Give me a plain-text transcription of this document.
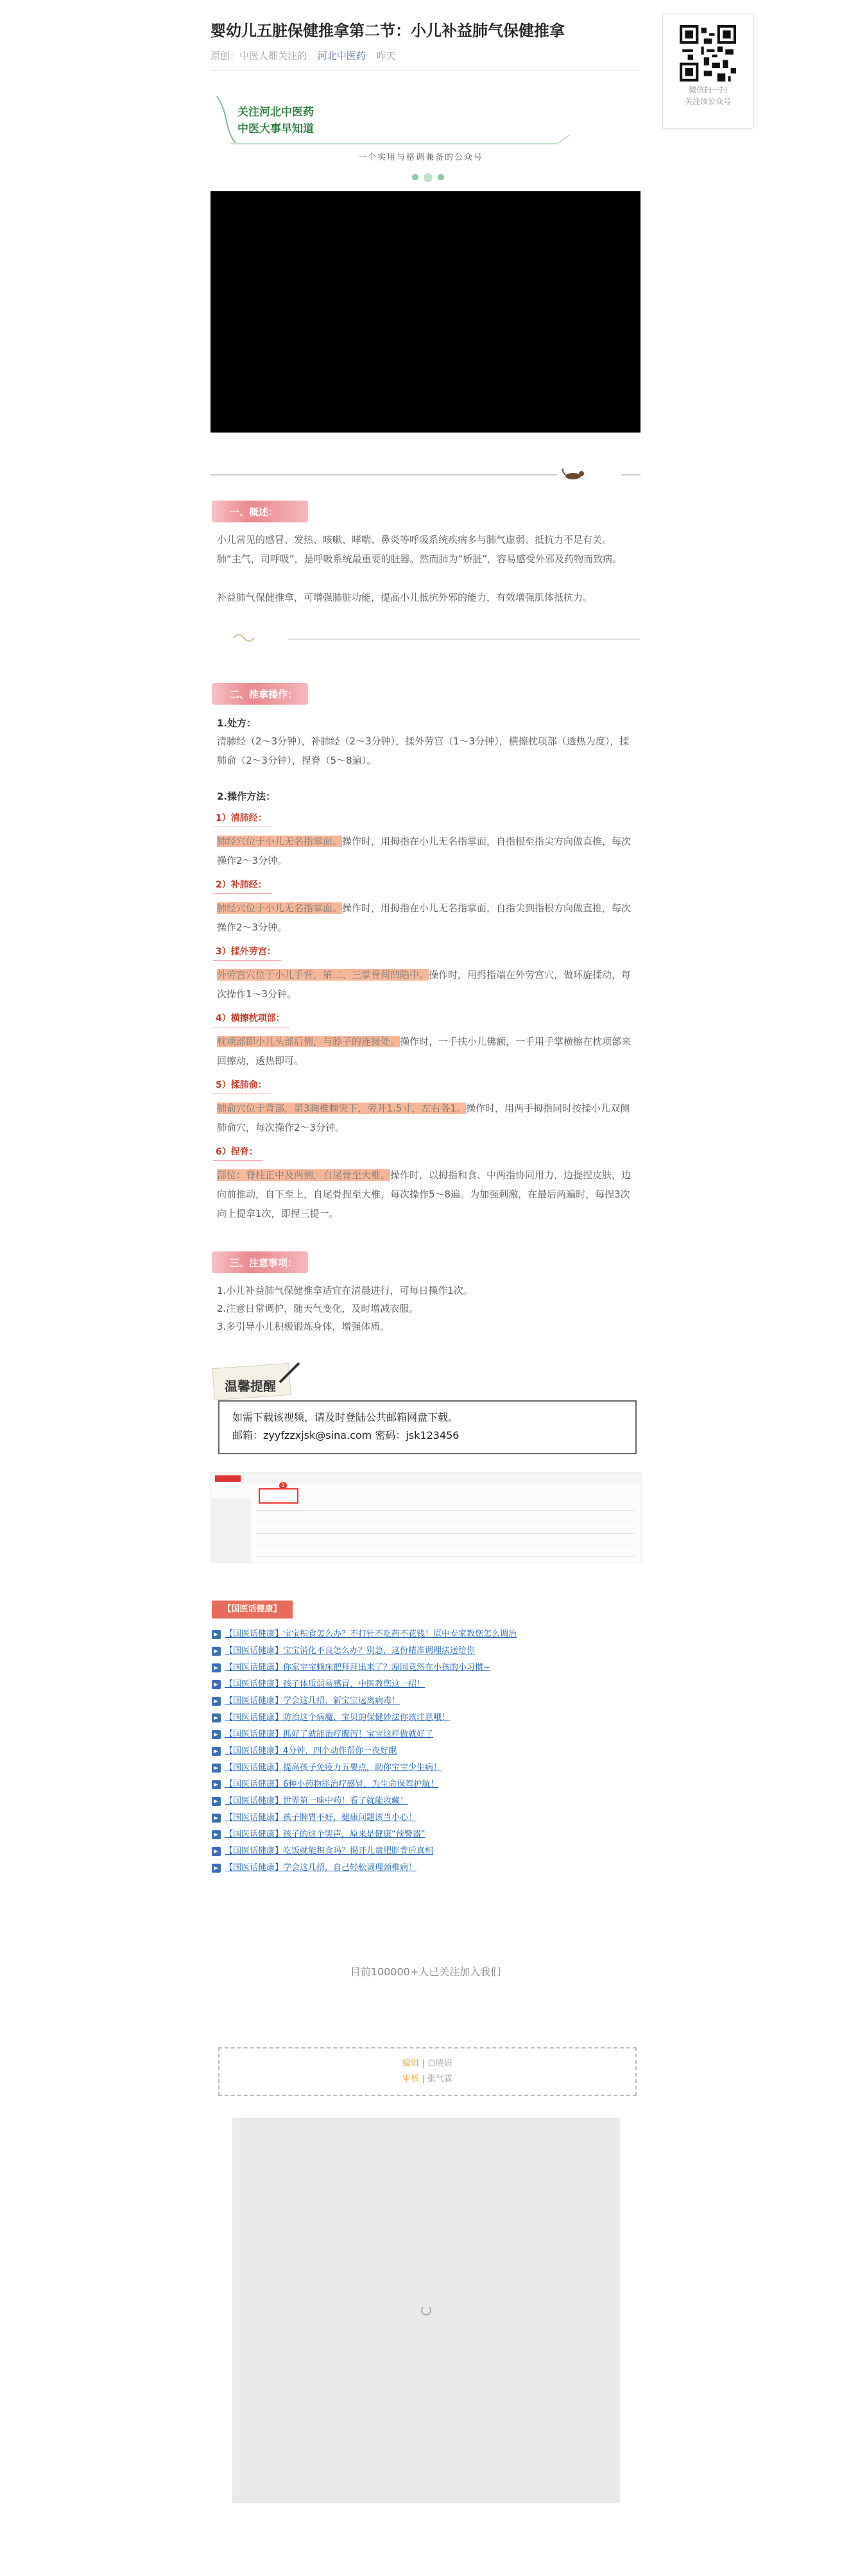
婴幼儿五脏保健推拿第二节：小儿补益肺气保健推拿
原创：中医人都关注的 河北中医药 昨天
微信扫一扫
关注该公众号
关注河北中医药
中医大事早知道
一个实用与格调兼备的公众号
一、概述：
小儿常见的感冒、发热、咳嗽、哮喘、鼻炎等呼吸系统疾病多与肺气虚弱、抵抗力不足有关。肺“主气，司呼吸”，是呼吸系统最重要的脏器。然而肺为“娇脏”，容易感受外邪及药物而致病。
补益肺气保健推拿，可增强肺脏功能，提高小儿抵抗外邪的能力，有效增强肌体抵抗力。
二、推拿操作：
1.处方：
清肺经（2～3分钟），补肺经（2～3分钟），揉外劳宫（1～3分钟），横擦枕项部（透热为度），揉肺俞（2～3分钟），捏脊（5～8遍）。
2.操作方法：
1）清肺经：
肺经穴位于小儿无名指掌面。操作时，用拇指在小儿无名指掌面，自指根至指尖方向做直推，每次操作2～3分钟。
2）补肺经：
肺经穴位于小儿无名指掌面。操作时，用拇指在小儿无名指掌面，自指尖到指根方向做直推，每次操作2～3分钟。
3）揉外劳宫：
外劳宫穴位于小儿手背，第二、三掌骨间凹陷中。操作时，用拇指端在外劳宫穴，做环旋揉动，每次操作1～3分钟。
4）横擦枕项部：
枕项部即小儿头部后侧，与脖子的连接处。操作时，一手扶小儿佛额，一手用手掌横擦在枕项部来回擦动，透热即可。
5）揉肺俞：
肺俞穴位于背部，第3胸椎棘突下，旁开1.5寸，左右各1。操作时，用两手拇指同时按揉小儿双侧肺俞穴，每次操作2～3分钟。
6）捏脊：
部位：脊柱正中及两侧，自尾骨至大椎。操作时，以拇指和食、中两指协同用力，边提捏皮肤，边向前推动，自下至上，自尾骨捏至大椎，每次操作5～8遍。为加强刺激，在最后两遍时，每捏3次向上提拿1次，即捏三提一。
三、注意事项：
1.小儿补益肺气保健推拿适宜在清晨进行，可每日操作1次。
2.注意日常调护，随天气变化，及时增减衣服。
3.多引导小儿积极锻炼身体，增强体质。
温馨提醒
如需下载该视频，请及时登陆公共邮箱网盘下载。
邮箱：zyyfzzxjsk@sina.com 密码：jsk123456
1
【国医话健康】
【国医话健康】宝宝积食怎么办？不打针不吃药不花钱！原中专家教您怎么调治
【国医话健康】宝宝消化不良怎么办？别急，这份精准调理法送给你
【国医话健康】你家宝宝赖床把拜拜出来了？原因竟然在小孩的小习惯~
【国医话健康】孩子体质弱易感冒，中医教您这一招！
【国医话健康】学会这几招，新宝宝远离病毒！
【国医话健康】防治这个病魔，宝贝的保健妙法你该注意哦！
【国医话健康】抓好了就能治疗腹泻！宝宝这样做就好了
【国医话健康】4分钟，四个动作帮你一夜好眠
【国医话健康】提高孩子免疫力五要点，助你宝宝少生病！
【国医话健康】6种小药物能治疗感冒，为生命保驾护航！
【国医话健康】世界第一味中药！看了就能收藏！
【国医话健康】孩子脾胃不好，健康问题该当小心！
【国医话健康】孩子的这个哭声，原来是健康“预警器”
【国医话健康】吃饭就能积食吗？揭开儿童肥胖背后真相
【国医话健康】学会这几招，自己轻松调理颈椎病！
目前100000+人已关注加入我们
编辑 | 白晓妍
审核 | 张气霖
